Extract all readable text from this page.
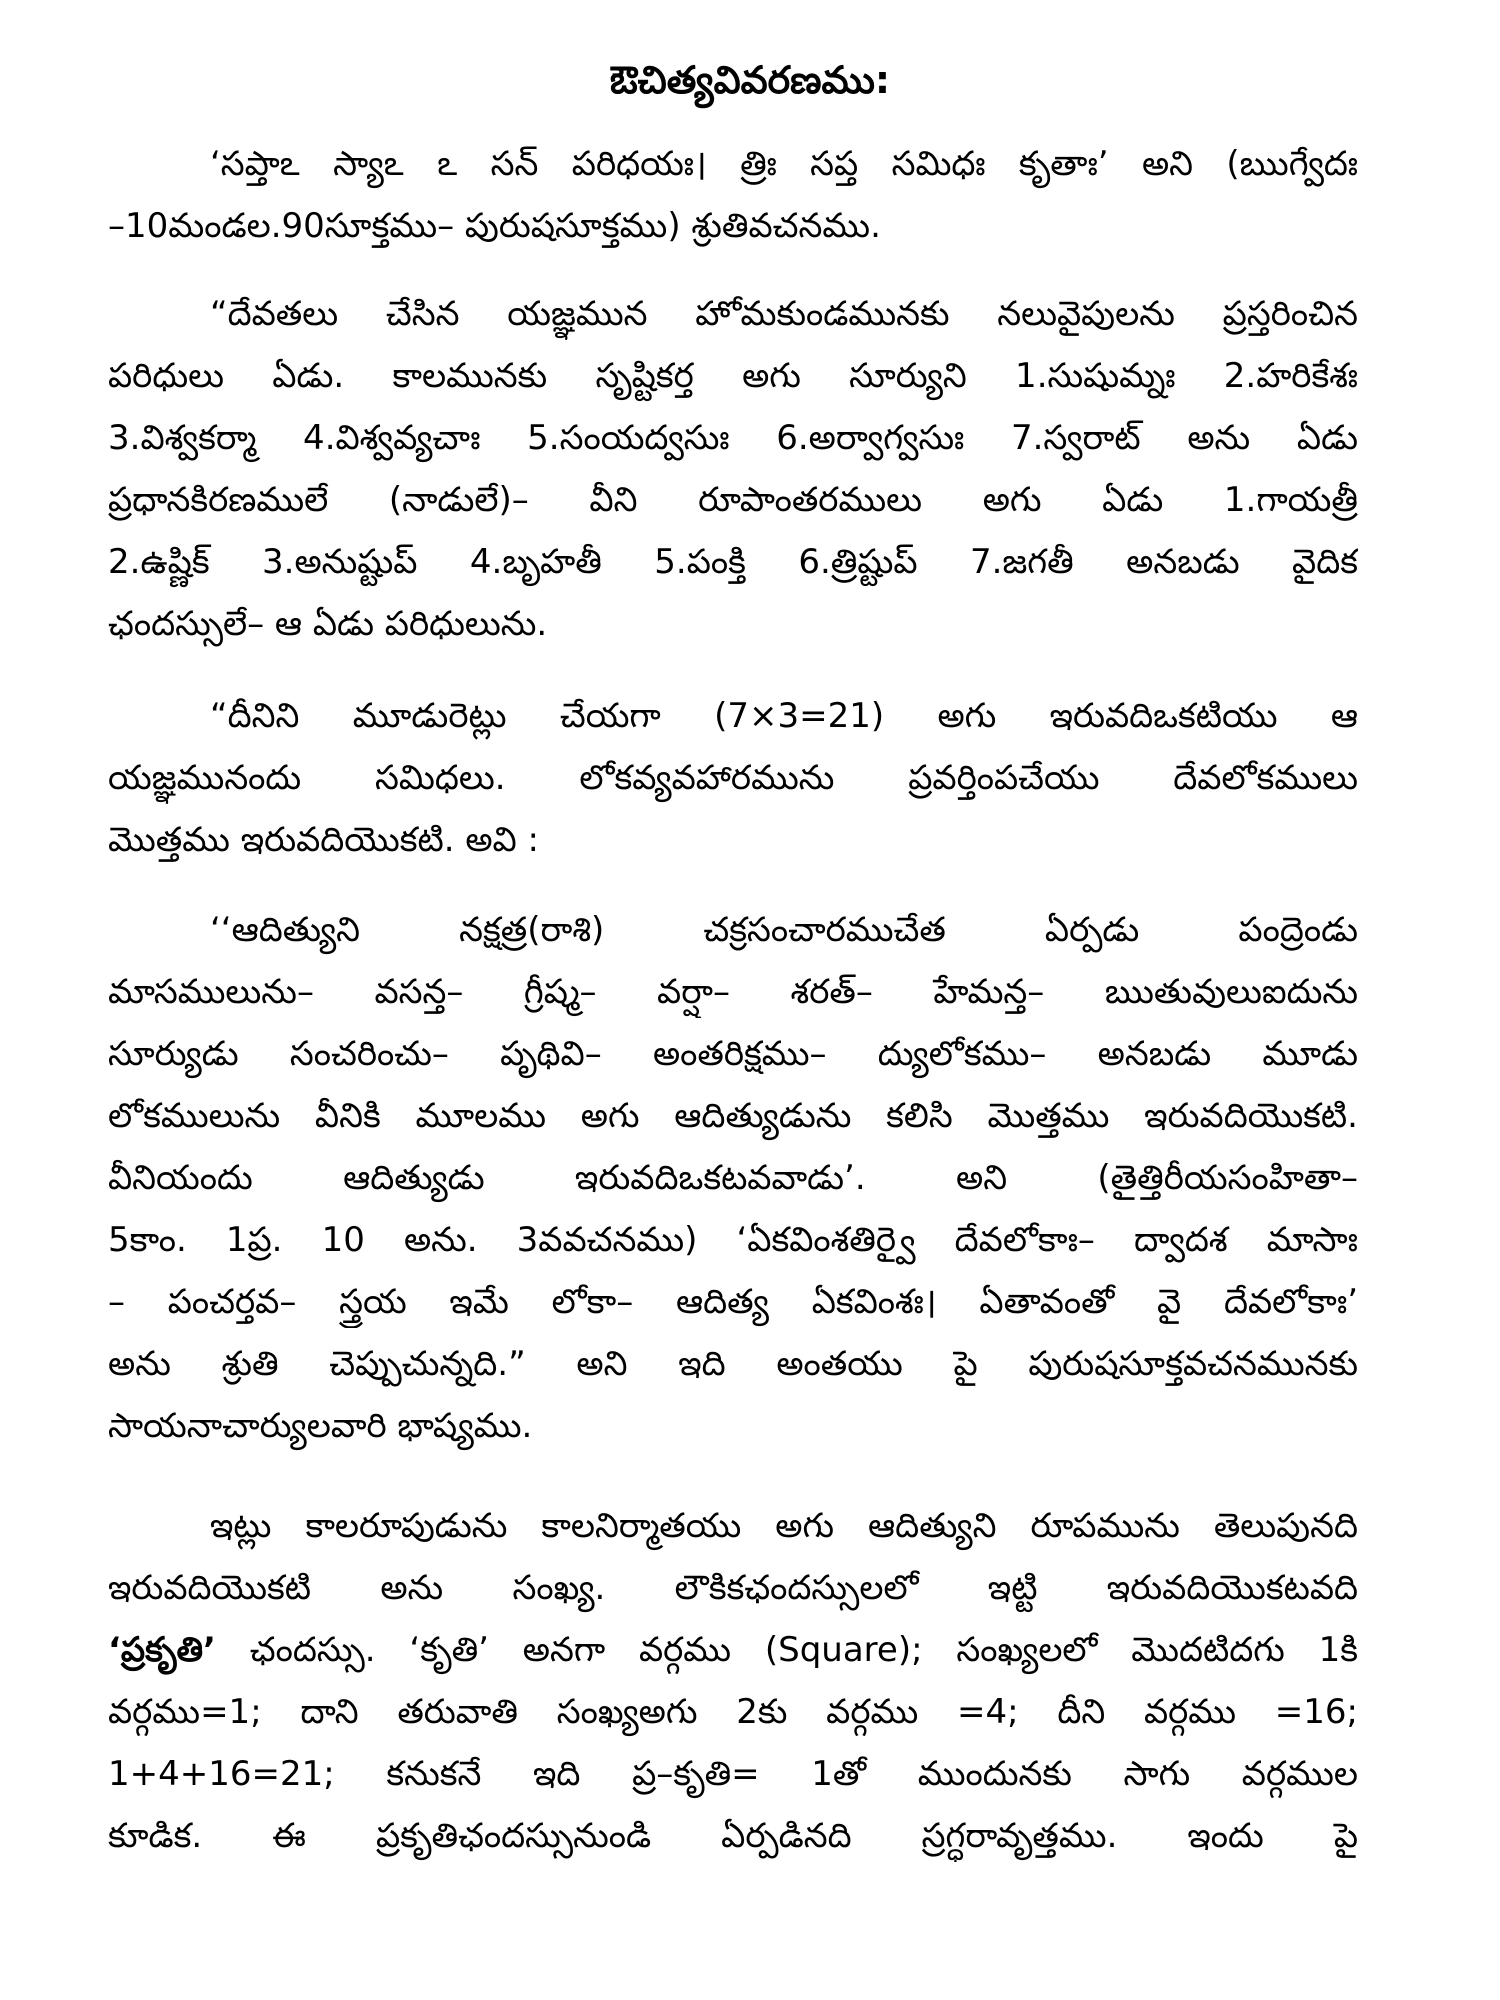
ఔచిత్యవివరణము:
‘సప్తాఽ స్యాఽ ఽ సన్ పరిధయః। త్రిః సప్త సమిధః కృతాః’ అని (ఋగ్వేదః
–10మండల.90సూక్తము– పురుషసూక్తము) శ్రుతివచనము.
“దేవతలు చేసిన యజ్ఞమున హోమకుండమునకు నలువైపులను ప్రస్తరించిన
పరిధులు ఏడు. కాలమునకు సృష్టికర్త అగు సూర్యుని 1.సుషుమ్నః 2.హరికేశః
3.విశ్వకర్మా 4.విశ్వవ్యచాః 5.సంయద్వసుః 6.అర్వాగ్వసుః 7.స్వరాట్ అను ఏడు
ప్రధానకిరణములే (నాడులే)– వీని రూపాంతరములు అగు ఏడు 1.గాయత్రీ
2.ఉష్ణిక్ 3.అనుష్టుప్ 4.బృహతీ 5.పంక్తి 6.త్రిష్టుప్ 7.జగతీ అనబడు వైదిక
ఛందస్సులే– ఆ ఏడు పరిధులును.
“దీనిని మూడురెట్లు చేయగా (7×3=21) అగు ఇరువదిఒకటియు ఆ
యజ్ఞమునందు సమిధలు. లోకవ్యవహారమును ప్రవర్తింపచేయు దేవలోకములు
మొత్తము ఇరువదియొకటి. అవి :
‘‘ఆదిత్యుని నక్షత్ర(రాశి) చక్రసంచారముచేత ఏర్పడు పంద్రెండు
మాసములును– వసన్త– గ్రీష్మ– వర్షా– శరత్– హేమన్త– ఋతువులుఐదును
సూర్యుడు సంచరించు– పృథివి– అంతరిక్షము– ద్యులోకము– అనబడు మూడు
లోకములును వీనికి మూలము అగు ఆదిత్యుడును కలిసి మొత్తము ఇరువదియొకటి.
వీనియందు ఆదిత్యుడు ఇరువదిఒకటవవాడు’. అని (తైత్తిరీయసంహితా–
5కాం. 1ప్ర. 10 అను. 3వవచనము) ‘ఏకవింశతిర్వై దేవలోకాః– ద్వాదశ మాసాః
– పంచర్తవ– స్త్రయ ఇమే లోకా– ఆదిత్య ఏకవింశః। ఏతావంతో వై దేవలోకాః’
అను శ్రుతి చెప్పుచున్నది.” అని ఇది అంతయు పై పురుషసూక్తవచనమునకు
సాయనాచార్యులవారి భాష్యము.
ఇట్లు కాలరూపుడును కాలనిర్మాతయు అగు ఆదిత్యుని రూపమును తెలుపునది
ఇరువదియొకటి అను సంఖ్య. లౌకికఛందస్సులలో ఇట్టి ఇరువదియొకటవది
‘ప్రకృతి’ ఛందస్సు. ‘కృతి’ అనగా వర్గము (Square); సంఖ్యలలో మొదటిదగు 1కి
వర్గము=1; దాని తరువాతి సంఖ్యఅగు 2కు వర్గము =4; దీని వర్గము =16;
1+4+16=21; కనుకనే ఇది ప్ర–కృతి= 1తో ముందునకు సాగు వర్గముల
కూడిక. ఈ ప్రకృతిఛందస్సునుండి ఏర్పడినది స్రగ్ధరావృత్తము. ఇందు పై
